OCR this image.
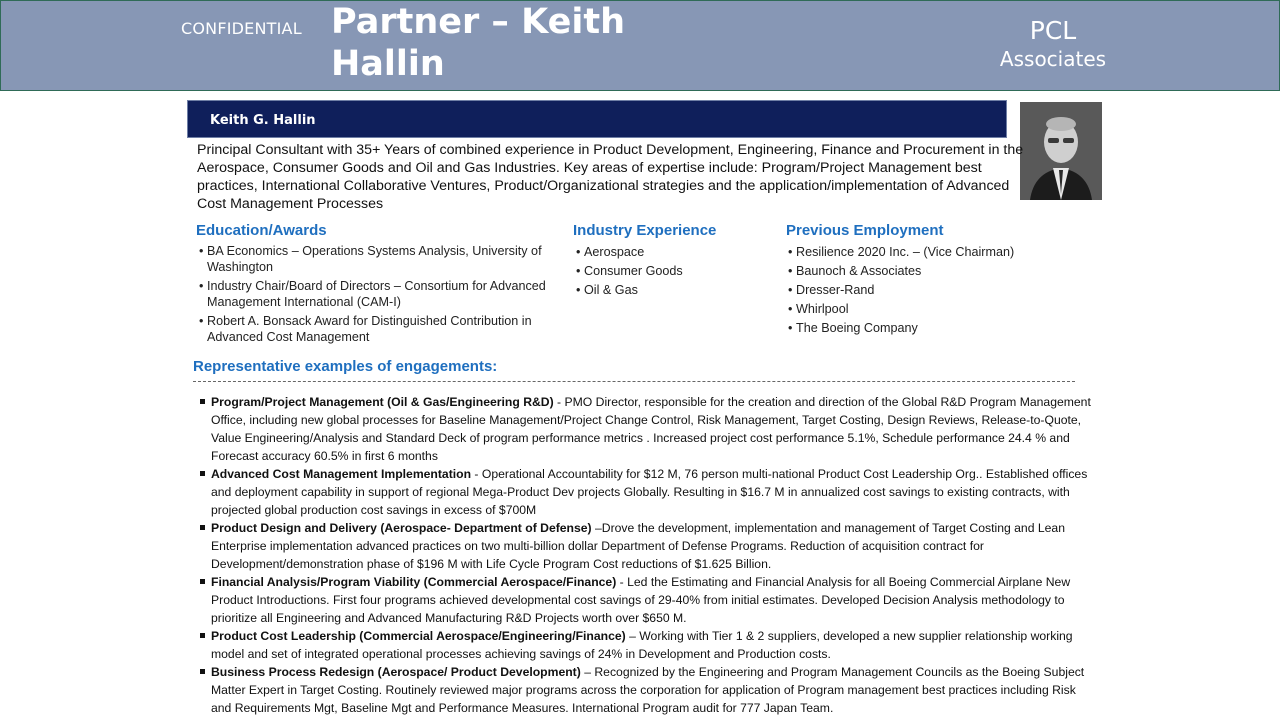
CONFIDENTIAL Partner – Keith Hallin
PCL
Associates
Keith G. Hallin
Principal Consultant with 35+ Years of combined experience in Product Development, Engineering, Finance and Procurement in the Aerospace, Consumer Goods and Oil and Gas Industries. Key areas of expertise include: Program/Project Management best practices, International Collaborative Ventures, Product/Organizational strategies and the application/implementation of Advanced Cost Management Processes
Education/Awards
• BA Economics – Operations Systems Analysis, University of Washington
• Industry Chair/Board of Directors – Consortium for Advanced Management International (CAM-I)
• Robert A. Bonsack Award for Distinguished Contribution in Advanced Cost Management
Industry Experience
• Aerospace
• Consumer Goods
• Oil & Gas
Previous Employment
• Resilience 2020 Inc. – (Vice Chairman)
• Baunoch & Associates
• Dresser-Rand
• Whirlpool
• The Boeing Company
Representative examples of engagements:
Program/Project Management (Oil & Gas/Engineering R&D) - PMO Director, responsible for the creation and direction of the Global R&D Program Management Office, including new global processes for Baseline Management/Project Change Control, Risk Management, Target Costing, Design Reviews, Release-to-Quote, Value Engineering/Analysis and Standard Deck of program performance metrics . Increased project cost performance 5.1%, Schedule performance 24.4 % and Forecast accuracy 60.5% in first 6 months
Advanced Cost Management Implementation - Operational Accountability for $12 M, 76 person multi-national Product Cost Leadership Org.. Established offices and deployment capability in support of regional Mega-Product Dev projects Globally. Resulting in $16.7 M in annualized cost savings to existing contracts, with projected global production cost savings in excess of $700M
Product Design and Delivery (Aerospace- Department of Defense) –Drove the development, implementation and management of Target Costing and Lean Enterprise implementation advanced practices on two multi-billion dollar Department of Defense Programs. Reduction of acquisition contract for Development/demonstration phase of $196 M with Life Cycle Program Cost reductions of $1.625 Billion.
Financial Analysis/Program Viability (Commercial Aerospace/Finance) - Led the Estimating and Financial Analysis for all Boeing Commercial Airplane New Product Introductions. First four programs achieved developmental cost savings of 29-40% from initial estimates. Developed Decision Analysis methodology to prioritize all Engineering and Advanced Manufacturing R&D Projects worth over $650 M.
Product Cost Leadership (Commercial Aerospace/Engineering/Finance) – Working with Tier 1 & 2 suppliers, developed a new supplier relationship working model and set of integrated operational processes achieving savings of 24% in Development and Production costs.
Business Process Redesign (Aerospace/ Product Development) – Recognized by the Engineering and Program Management Councils as the Boeing Subject Matter Expert in Target Costing. Routinely reviewed major programs across the corporation for application of Program management best practices including Risk and Requirements Mgt, Baseline Mgt and Performance Measures. International Program audit for 777 Japan Team.
